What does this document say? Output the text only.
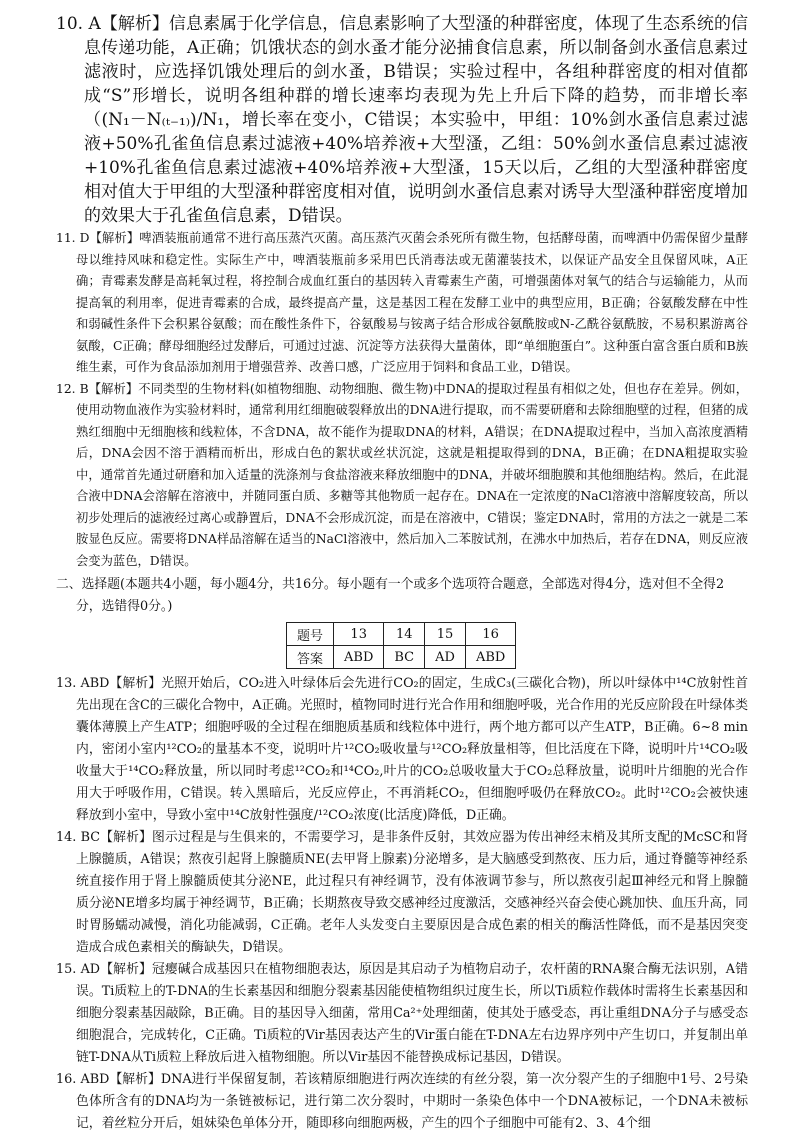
10. A【解析】信息素属于化学信息，信息素影响了大型溞的种群密度，体现了生态系统的信息传递功能，A正确；饥饿状态的剑水蚤才能分泌捕食信息素，所以制备剑水蚤信息素过滤液时，应选择饥饿处理后的剑水蚤，B错误；实验过程中，各组种群密度的相对值都成“S”形增长，说明各组种群的增长速率均表现为先上升后下降的趋势，而非增长率（(N₁－N₍ₜ₋₁₎)/N₁，增长率在变小，C错误；本实验中，甲组：10%剑水蚤信息素过滤液+50%孔雀鱼信息素过滤液+40%培养液+大型溞，乙组：50%剑水蚤信息素过滤液+10%孔雀鱼信息素过滤液+40%培养液+大型溞，15天以后，乙组的大型溞种群密度相对值大于甲组的大型溞种群密度相对值，说明剑水蚤信息素对诱导大型溞种群密度增加的效果大于孔雀鱼信息素，D错误。

11. D【解析】啤酒装瓶前通常不进行高压蒸汽灭菌。高压蒸汽灭菌会杀死所有微生物，包括酵母菌，而啤酒中仍需保留少量酵母以维持风味和稳定性。实际生产中，啤酒装瓶前多采用巴氏消毒法或无菌灌装技术，以保证产品安全且保留风味，A正确；青霉素发酵是高耗氧过程，将控制合成血红蛋白的基因转入青霉素生产菌，可增强菌体对氧气的结合与运输能力，从而提高氧的利用率，促进青霉素的合成，最终提高产量，这是基因工程在发酵工业中的典型应用，B正确；谷氨酸发酵在中性和弱碱性条件下会积累谷氨酸；而在酸性条件下，谷氨酸易与铵离子结合形成谷氨酰胺或N-乙酰谷氨酰胺，不易积累游离谷氨酸，C正确；酵母细胞经过发酵后，可通过过滤、沉淀等方法获得大量菌体，即“单细胞蛋白”。这种蛋白富含蛋白质和B族维生素，可作为食品添加剂用于增强营养、改善口感，广泛应用于饲料和食品工业，D错误。

12. B【解析】不同类型的生物材料(如植物细胞、动物细胞、微生物)中DNA的提取过程虽有相似之处，但也存在差异。例如，使用动物血液作为实验材料时，通常利用红细胞破裂释放出的DNA进行提取，而不需要研磨和去除细胞壁的过程，但猪的成熟红细胞中无细胞核和线粒体，不含DNA，故不能作为提取DNA的材料，A错误；在DNA提取过程中，当加入高浓度酒精后，DNA会因不溶于酒精而析出，形成白色的絮状或丝状沉淀，这就是粗提取得到的DNA，B正确；在DNA粗提取实验中，通常首先通过研磨和加入适量的洗涤剂与食盐溶液来释放细胞中的DNA，并破坏细胞膜和其他细胞结构。然后，在此混合液中DNA会溶解在溶液中，并随同蛋白质、多糖等其他物质一起存在。DNA在一定浓度的NaCl溶液中溶解度较高，所以初步处理后的滤液经过离心或静置后，DNA不会形成沉淀，而是在溶液中，C错误；鉴定DNA时，常用的方法之一就是二苯胺显色反应。需要将DNA样品溶解在适当的NaCl溶液中，然后加入二苯胺试剂，在沸水中加热后，若存在DNA，则反应液会变为蓝色，D错误。

二、选择题(本题共4小题，每小题4分，共16分。每小题有一个或多个选项符合题意，全部选对得4分，选对但不全得2分，选错得0分。)

题号	13	14	15	16
答案	ABD	BC	AD	ABD

13. ABD【解析】光照开始后，CO₂进入叶绿体后会先进行CO₂的固定，生成C₃(三碳化合物)，所以叶绿体中¹⁴C放射性首先出现在含C的三碳化合物中，A正确。光照时，植物同时进行光合作用和细胞呼吸，光合作用的光反应阶段在叶绿体类囊体薄膜上产生ATP；细胞呼吸的全过程在细胞质基质和线粒体中进行，两个地方都可以产生ATP，B正确。6~8 min内，密闭小室内¹²CO₂的量基本不变，说明叶片¹²CO₂吸收量与¹²CO₂释放量相等，但比活度在下降，说明叶片¹⁴CO₂吸收量大于¹⁴CO₂释放量，所以同时考虑¹²CO₂和¹⁴CO₂,叶片的CO₂总吸收量大于CO₂总释放量，说明叶片细胞的光合作用大于呼吸作用，C错误。转入黑暗后，光反应停止，不再消耗CO₂，但细胞呼吸仍在释放CO₂。此时¹²CO₂会被快速释放到小室中，导致小室中¹⁴C放射性强度/¹²CO₂浓度(比活度)降低，D正确。

14. BC【解析】图示过程是与生俱来的，不需要学习，是非条件反射，其效应器为传出神经末梢及其所支配的McSC和肾上腺髓质，A错误；熬夜引起肾上腺髓质NE(去甲肾上腺素)分泌增多，是大脑感受到熬夜、压力后，通过脊髓等神经系统直接作用于肾上腺髓质使其分泌NE，此过程只有神经调节，没有体液调节参与，所以熬夜引起Ⅲ神经元和肾上腺髓质分泌NE增多均属于神经调节，B正确；长期熬夜导致交感神经过度激活，交感神经兴奋会使心跳加快、血压升高，同时胃肠蠕动减慢，消化功能减弱，C正确。老年人头发变白主要原因是合成色素的相关的酶活性降低，而不是基因突变造成合成色素相关的酶缺失，D错误。

15. AD【解析】冠瘿碱合成基因只在植物细胞表达，原因是其启动子为植物启动子，农杆菌的RNA聚合酶无法识别，A错误。Ti质粒上的T-DNA的生长素基因和细胞分裂素基因能使植物组织过度生长，所以Ti质粒作载体时需将生长素基因和细胞分裂素基因敲除，B正确。目的基因导入细菌，常用Ca²⁺处理细菌，使其处于感受态，再让重组DNA分子与感受态细胞混合，完成转化，C正确。Ti质粒的Vir基因表达产生的Vir蛋白能在T-DNA左右边界序列中产生切口，并复制出单链T-DNA从Ti质粒上释放后进入植物细胞。所以Vir基因不能替换成标记基因，D错误。

16. ABD【解析】DNA进行半保留复制，若该精原细胞进行两次连续的有丝分裂，第一次分裂产生的子细胞中1号、2号染色体所含有的DNA均为一条链被标记，进行第二次分裂时，中期时一条染色体中一个DNA被标记，一个DNA未被标记，着丝粒分开后，姐妹染色单体分开，随即移向细胞两极，产生的四个子细胞中可能有2、3、4个细
